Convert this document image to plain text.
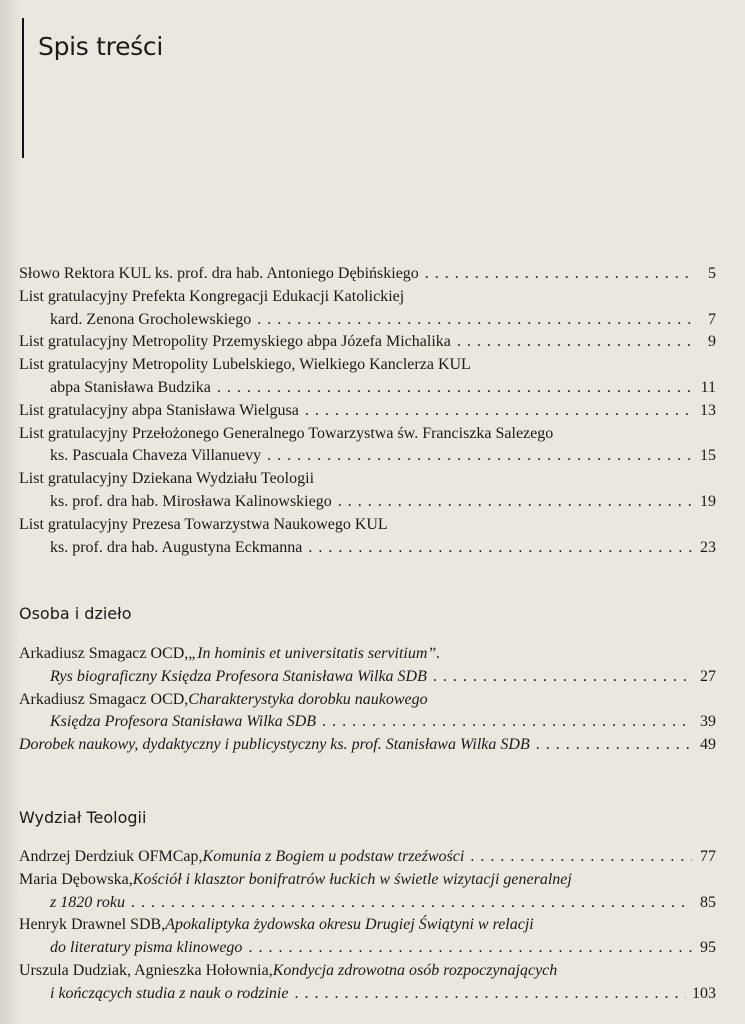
Spis treści
Słowo Rektora KUL ks. prof. dra hab. Antoniego Dębińskiego . . .	5
List gratulacyjny Prefekta Kongregacji Edukacji Katolickiej
kard. Zenona Grocholewskiego . . .	7
List gratulacyjny Metropolity Przemyskiego abpa Józefa Michalika . . .	9
List gratulacyjny Metropolity Lubelskiego, Wielkiego Kanclerza KUL
abpa Stanisława Budzika . . .	11
List gratulacyjny abpa Stanisława Wielgusa . . .	13
List gratulacyjny Przełożonego Generalnego Towarzystwa św. Franciszka Salezego
ks. Pascuala Chaveza Villanuevy . . .	15
List gratulacyjny Dziekana Wydziału Teologii
ks. prof. dra hab. Mirosława Kalinowskiego . . .	19
List gratulacyjny Prezesa Towarzystwa Naukowego KUL
ks. prof. dra hab. Augustyna Eckmanna . . .	23
Osoba i dzieło
Arkadiusz Smagacz OCD, „In hominis et universitatis servitium”.
Rys biograficzny Księdza Profesora Stanisława Wilka SDB . . .	27
Arkadiusz Smagacz OCD, Charakterystyka dorobku naukowego
Księdza Profesora Stanisława Wilka SDB . . .	39
Dorobek naukowy, dydaktyczny i publicystyczny ks. prof. Stanisława Wilka SDB . . .	49
Wydział Teologii
Andrzej Derdziuk OFMCap, Komunia z Bogiem u podstaw trzeźwości . . .	77
Maria Dębowska, Kościół i klasztor bonifratrów łuckich w świetle wizytacji generalnej
z 1820 roku . . .	85
Henryk Drawnel SDB, Apokaliptyka żydowska okresu Drugiej Świątyni w relacji
do literatury pisma klinowego . . .	95
Urszula Dudziak, Agnieszka Hołownia, Kondycja zdrowotna osób rozpoczynających
i kończących studia z nauk o rodzinie . . .	103
